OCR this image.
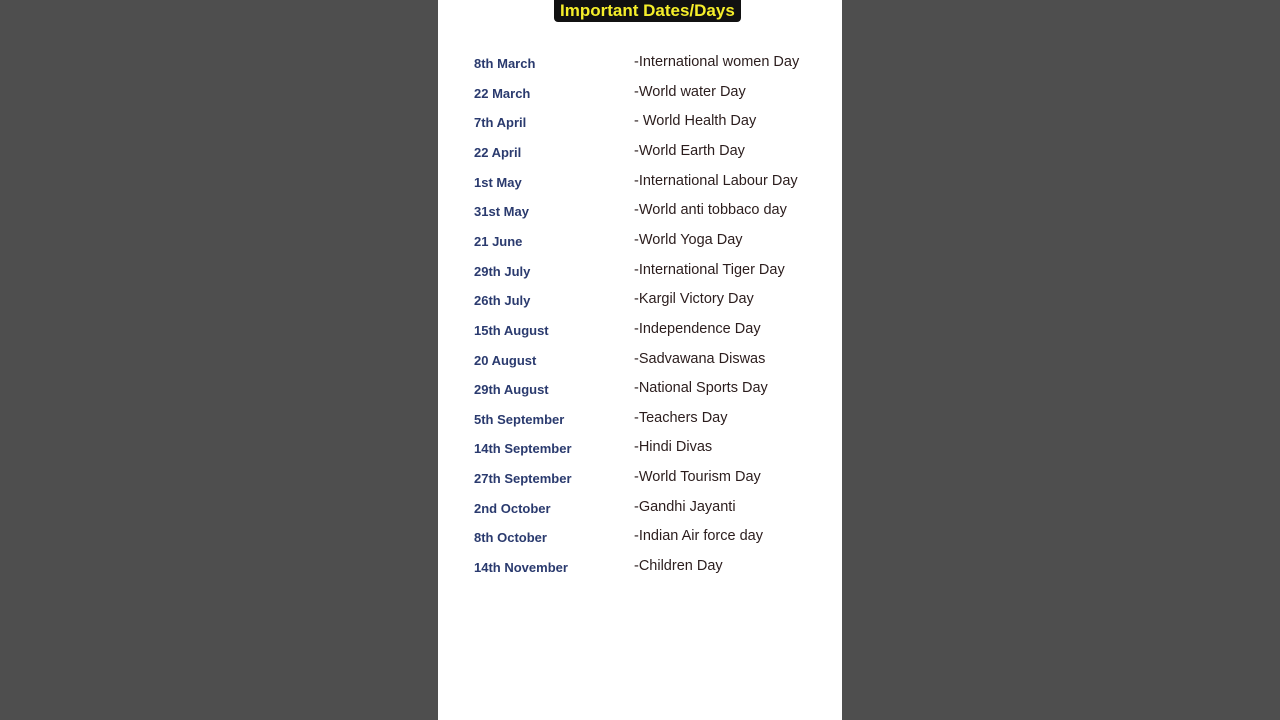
Important Dates/Days
8th March	-International women Day
22 March	-World water Day
7th April	- World Health Day
22 April	-World Earth Day
1st May	-International Labour Day
31st May	-World anti tobbaco day
21 June	-World Yoga Day
29th July	-International Tiger Day
26th July	-Kargil Victory Day
15th August	-Independence Day
20 August	-Sadvawana Diswas
29th August	-National Sports Day
5th September	-Teachers Day
14th September	-Hindi Divas
27th September	-World Tourism Day
2nd October	-Gandhi Jayanti
8th October	-Indian Air force day
14th November	-Children Day
